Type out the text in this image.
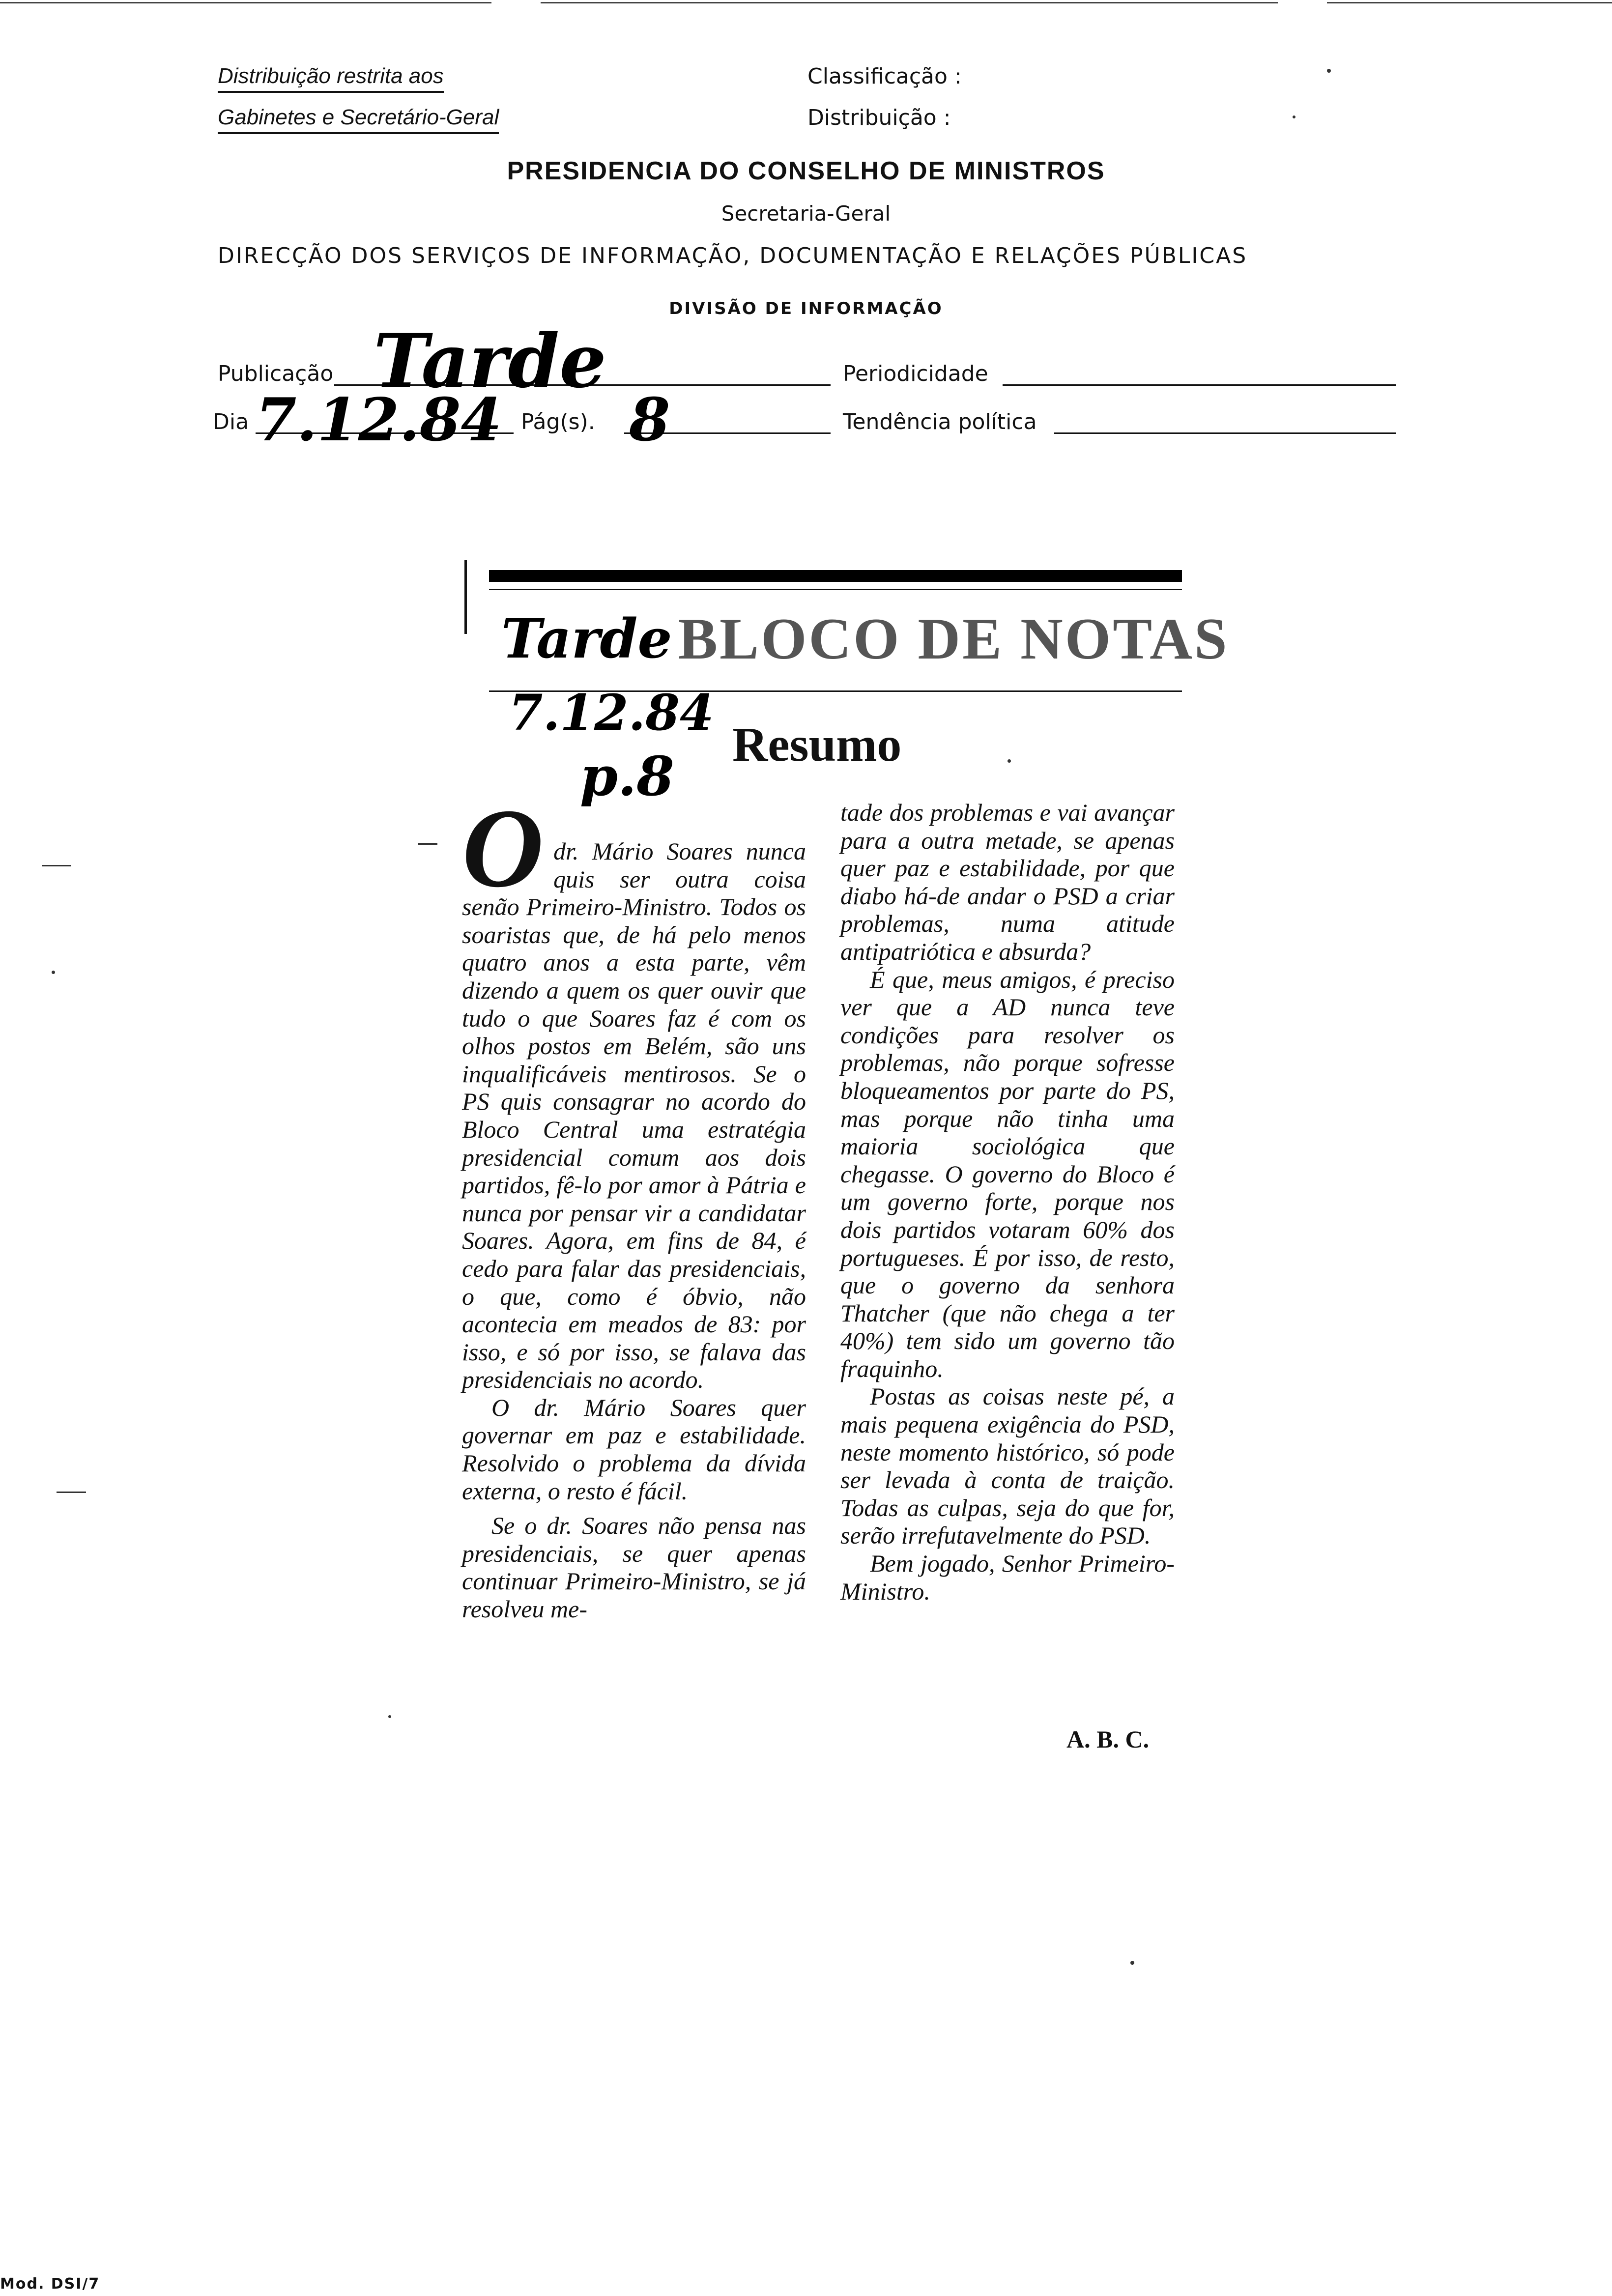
Distribuição restrita aos
Gabinetes e Secretário-Geral
Classificação :
Distribuição :
PRESIDENCIA DO CONSELHO DE MINISTROS
Secretaria-Geral
DIRECÇÃO DOS SERVIÇOS DE INFORMAÇÃO, DOCUMENTAÇÃO E RELAÇÕES PÚBLICAS
DIVISÃO DE INFORMAÇÃO
Publicação Tarde	Periodicidade
Dia 7.12.84 Pág(s). 8	Tendência política
Tarde BLOCO DE NOTAS
7.12.84
Resumo
p.8
O dr. Mário Soares nunca quis ser outra coisa senão Primeiro-Ministro. Todos os soaristas que, de há pelo menos quatro anos a esta parte, vêm dizendo a quem os quer ouvir que tudo o que Soares faz é com os olhos postos em Belém, são uns inqualificáveis mentirosos. Se o PS quis consagrar no acordo do Bloco Central uma estratégia presidencial comum aos dois partidos, fê-lo por amor à Pátria e nunca por pensar vir a candidatar Soares. Agora, em fins de 84, é cedo para falar das presidenciais, o que, como é óbvio, não acontecia em meados de 83: por isso, e só por isso, se falava das presidenciais no acordo.

O dr. Mário Soares quer governar em paz e estabilidade. Resolvido o problema da dívida externa, o resto é fácil.

Se o dr. Soares não pensa nas presidenciais, se quer apenas continuar Primeiro-Ministro, se já resolveu me-

tade dos problemas e vai avançar para a outra metade, se apenas quer paz e estabilidade, por que diabo há-de andar o PSD a criar problemas, numa atitude antipatriótica e absurda?

É que, meus amigos, é preciso ver que a AD nunca teve condições para resolver os problemas, não porque sofresse bloqueamentos por parte do PS, mas porque não tinha uma maioria sociológica que chegasse. O governo do Bloco é um governo forte, porque nos dois partidos votaram 60% dos portugueses. É por isso, de resto, que o governo da senhora Thatcher (que não chega a ter 40%) tem sido um governo tão fraquinho.

Postas as coisas neste pé, a mais pequena exigência do PSD, neste momento histórico, só pode ser levada à conta de traição. Todas as culpas, seja do que for, serão irrefutavelmente do PSD.

Bem jogado, Senhor Primeiro-Ministro.

A. B. C.
Mod. DSI/7
